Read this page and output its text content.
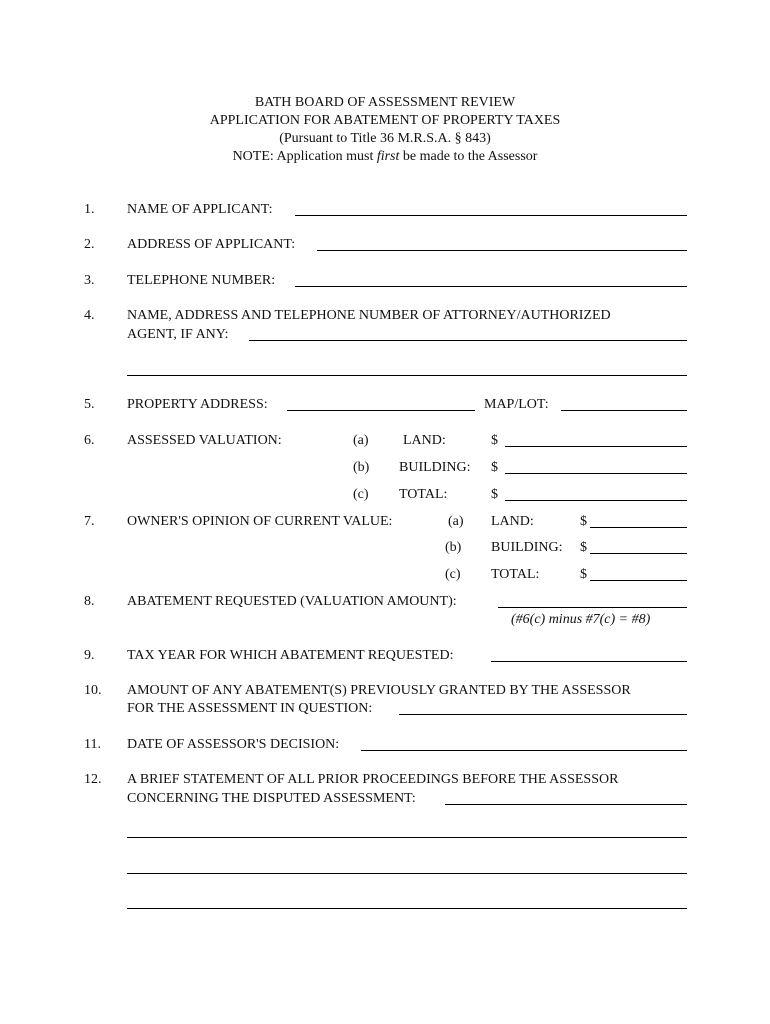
BATH BOARD OF ASSESSMENT REVIEW
APPLICATION FOR ABATEMENT OF PROPERTY TAXES
(Pursuant to Title 36 M.R.S.A. § 843)
NOTE: Application must first be made to the Assessor
1. NAME OF APPLICANT:
2. ADDRESS OF APPLICANT:
3. TELEPHONE NUMBER:
4. NAME, ADDRESS AND TELEPHONE NUMBER OF ATTORNEY/AUTHORIZED
AGENT, IF ANY:
5. PROPERTY ADDRESS:	MAP/LOT:
6. ASSESSED VALUATION:	(a) LAND:	$
(b) BUILDING: $
(c) TOTAL:	$
7. OWNER'S OPINION OF CURRENT VALUE:	(a) LAND:	$
(b) BUILDING: $
(c) TOTAL:	$
8. ABATEMENT REQUESTED (VALUATION AMOUNT):
(#6(c) minus #7(c) = #8)
9. TAX YEAR FOR WHICH ABATEMENT REQUESTED:
10. AMOUNT OF ANY ABATEMENT(S) PREVIOUSLY GRANTED BY THE ASSESSOR
FOR THE ASSESSMENT IN QUESTION:
11. DATE OF ASSESSOR'S DECISION:
12. A BRIEF STATEMENT OF ALL PRIOR PROCEEDINGS BEFORE THE ASSESSOR
CONCERNING THE DISPUTED ASSESSMENT:
